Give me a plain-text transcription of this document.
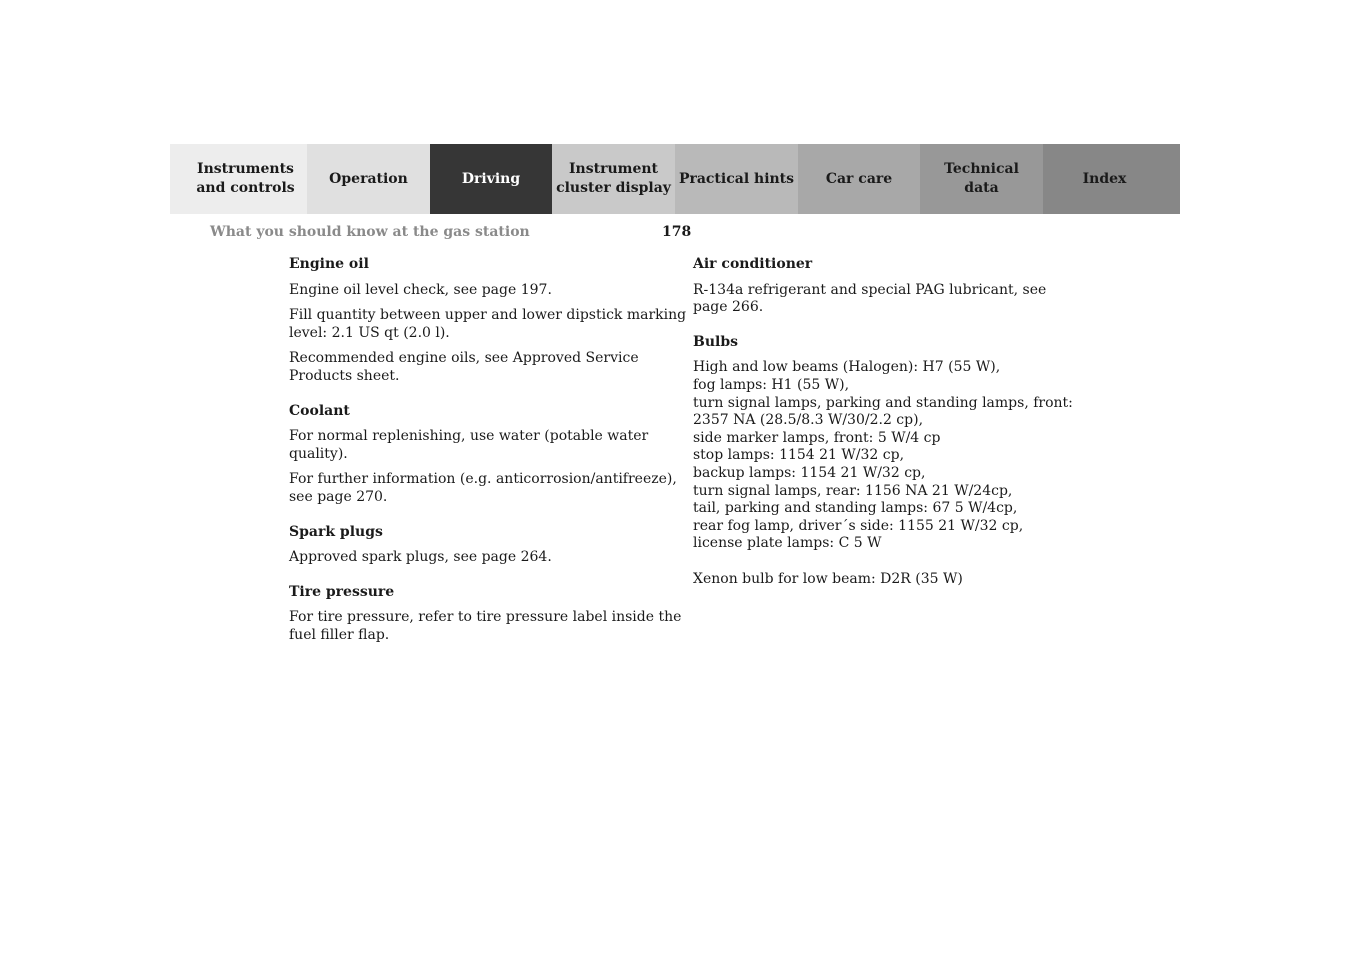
Instruments
and controls
Operation	Driving
Instrument
cluster display
Practical hints	Car care
Technical
data
Index
What you should know at the gas station	178
Engine oil
Engine oil level check, see page 197.
Fill quantity between upper and lower dipstick marking
level: 2.1 US qt (2.0 l).
Recommended engine oils, see Approved Service
Products sheet.
Coolant
For normal replenishing, use water (potable water
quality).
For further information (e.g. anticorrosion/antifreeze),
see page 270.
Spark plugs
Approved spark plugs, see page 264.
Tire pressure
For tire pressure, refer to tire pressure label inside the
fuel filler flap.
Air conditioner
R-134a refrigerant and special PAG lubricant, see
page 266.
Bulbs
High and low beams (Halogen): H7 (55 W),
fog lamps: H1 (55 W),
turn signal lamps, parking and standing lamps, front:
2357 NA (28.5/8.3 W/30/2.2 cp),
side marker lamps, front: 5 W/4 cp
stop lamps: 1154 21 W/32 cp,
backup lamps: 1154 21 W/32 cp,
turn signal lamps, rear: 1156 NA 21 W/24cp,
tail, parking and standing lamps: 67 5 W/4cp,
rear fog lamp, driver´s side: 1155 21 W/32 cp,
license plate lamps: C 5 W
Xenon bulb for low beam: D2R (35 W)
